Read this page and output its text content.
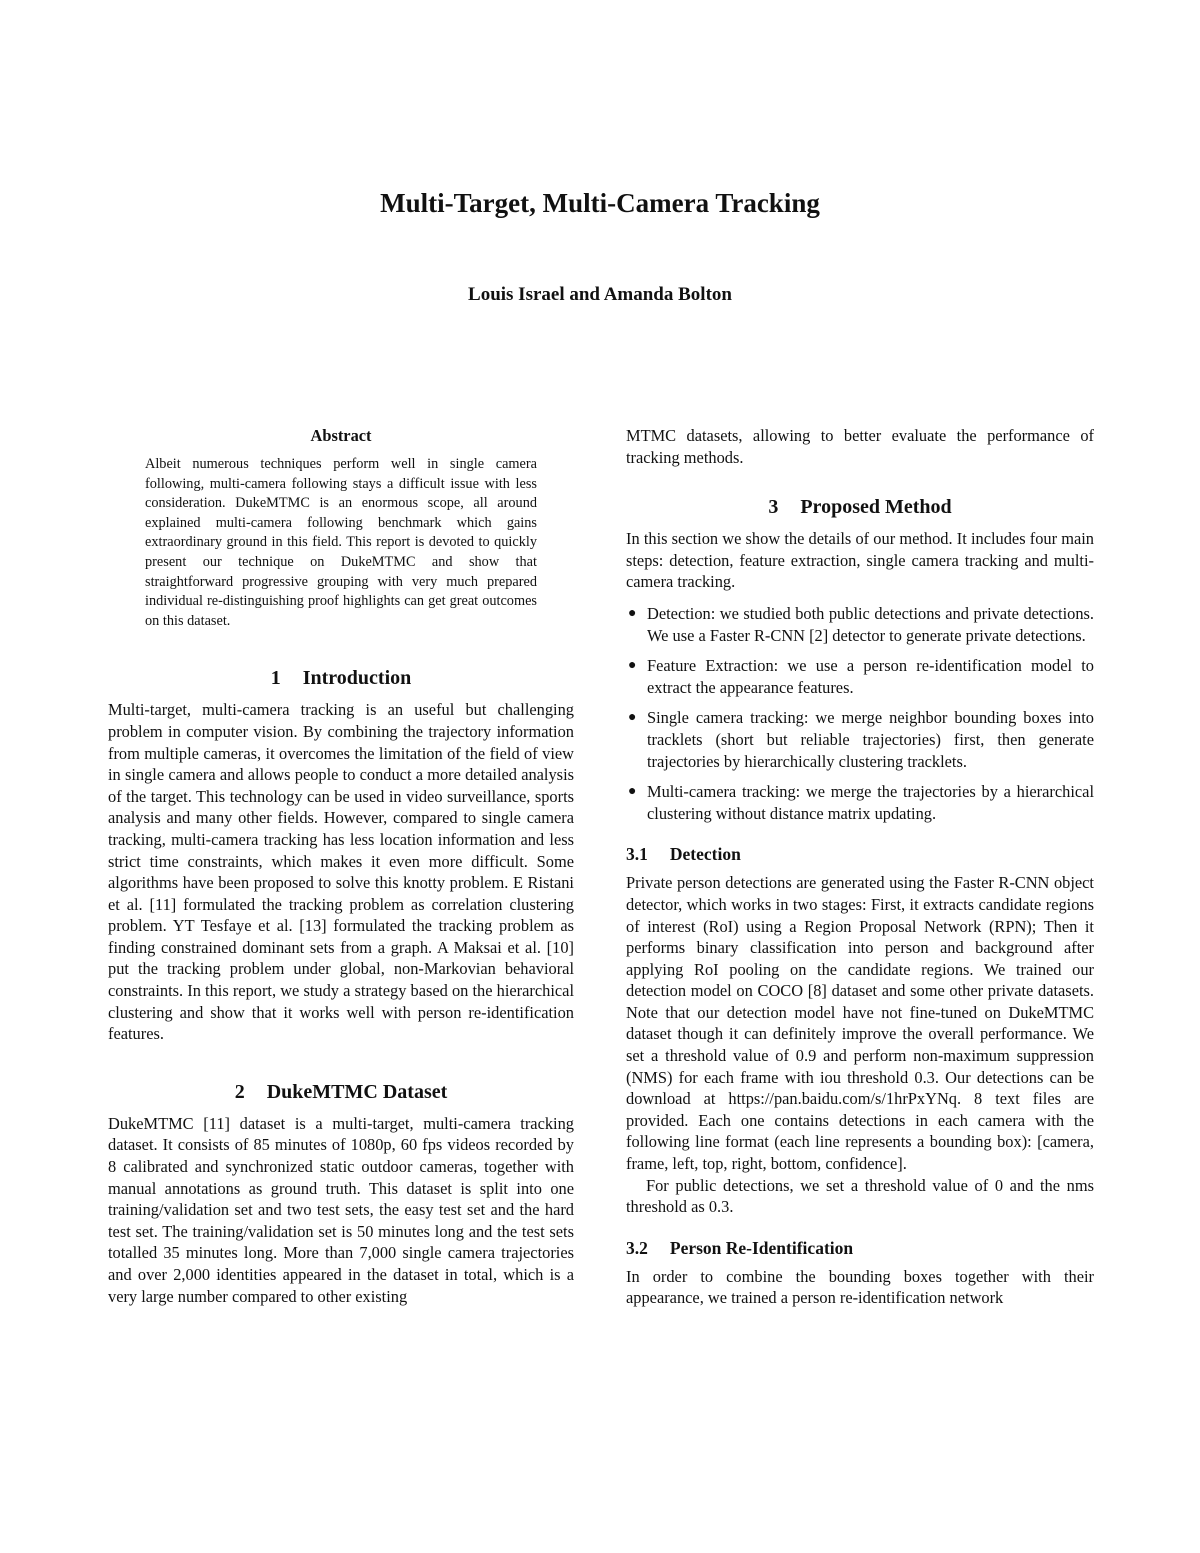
Multi-Target, Multi-Camera Tracking
Louis Israel and Amanda Bolton
Abstract

Albeit numerous techniques perform well in single camera following, multi-camera following stays a difficult issue with less consideration. DukeMTMC is an enormous scope, all around explained multi-camera following benchmark which gains extraordinary ground in this field. This report is devoted to quickly present our technique on DukeMTMC and show that straightforward progressive grouping with very much prepared individual re-distinguishing proof highlights can get great outcomes on this dataset.

1 Introduction

Multi-target, multi-camera tracking is an useful but challenging problem in computer vision. By combining the trajectory information from multiple cameras, it overcomes the limitation of the field of view in single camera and allows people to conduct a more detailed analysis of the target. This technology can be used in video surveillance, sports analysis and many other fields. However, compared to single camera tracking, multi-camera tracking has less location information and less strict time constraints, which makes it even more difficult. Some algorithms have been proposed to solve this knotty problem. E Ristani et al. [11] formulated the tracking problem as correlation clustering problem. YT Tesfaye et al. [13] formulated the tracking problem as finding constrained dominant sets from a graph. A Maksai et al. [10] put the tracking problem under global, non-Markovian behavioral constraints. In this report, we study a strategy based on the hierarchical clustering and show that it works well with person re-identification features.

2 DukeMTMC Dataset

DukeMTMC [11] dataset is a multi-target, multi-camera tracking dataset. It consists of 85 minutes of 1080p, 60 fps videos recorded by 8 calibrated and synchronized static outdoor cameras, together with manual annotations as ground truth. This dataset is split into one training/validation set and two test sets, the easy test set and the hard test set. The training/validation set is 50 minutes long and the test sets totalled 35 minutes long. More than 7,000 single camera trajectories and over 2,000 identities appeared in the dataset in total, which is a very large number compared to other existing

MTMC datasets, allowing to better evaluate the performance of tracking methods.

3 Proposed Method

In this section we show the details of our method. It includes four main steps: detection, feature extraction, single camera tracking and multi-camera tracking.

● Detection: we studied both public detections and private detections. We use a Faster R-CNN [2] detector to generate private detections.
● Feature Extraction: we use a person re-identification model to extract the appearance features.
● Single camera tracking: we merge neighbor bounding boxes into tracklets (short but reliable trajectories) first, then generate trajectories by hierarchically clustering tracklets.
● Multi-camera tracking: we merge the trajectories by a hierarchical clustering without distance matrix updating.
3.1 Detection

Private person detections are generated using the Faster R-CNN object detector, which works in two stages: First, it extracts candidate regions of interest (RoI) using a Region Proposal Network (RPN); Then it performs binary classification into person and background after applying RoI pooling on the candidate regions. We trained our detection model on COCO [8] dataset and some other private datasets. Note that our detection model have not fine-tuned on DukeMTMC dataset though it can definitely improve the overall performance. We set a threshold value of 0.9 and perform non-maximum suppression (NMS) for each frame with iou threshold 0.3. Our detections can be download at https://pan.baidu.com/s/1hrPxYNq. 8 text files are provided. Each one contains detections in each camera with the following line format (each line represents a bounding box): [camera, frame, left, top, right, bottom, confidence].

For public detections, we set a threshold value of 0 and the nms threshold as 0.3.

3.2 Person Re-Identification

In order to combine the bounding boxes together with their appearance, we trained a person re-identification network
